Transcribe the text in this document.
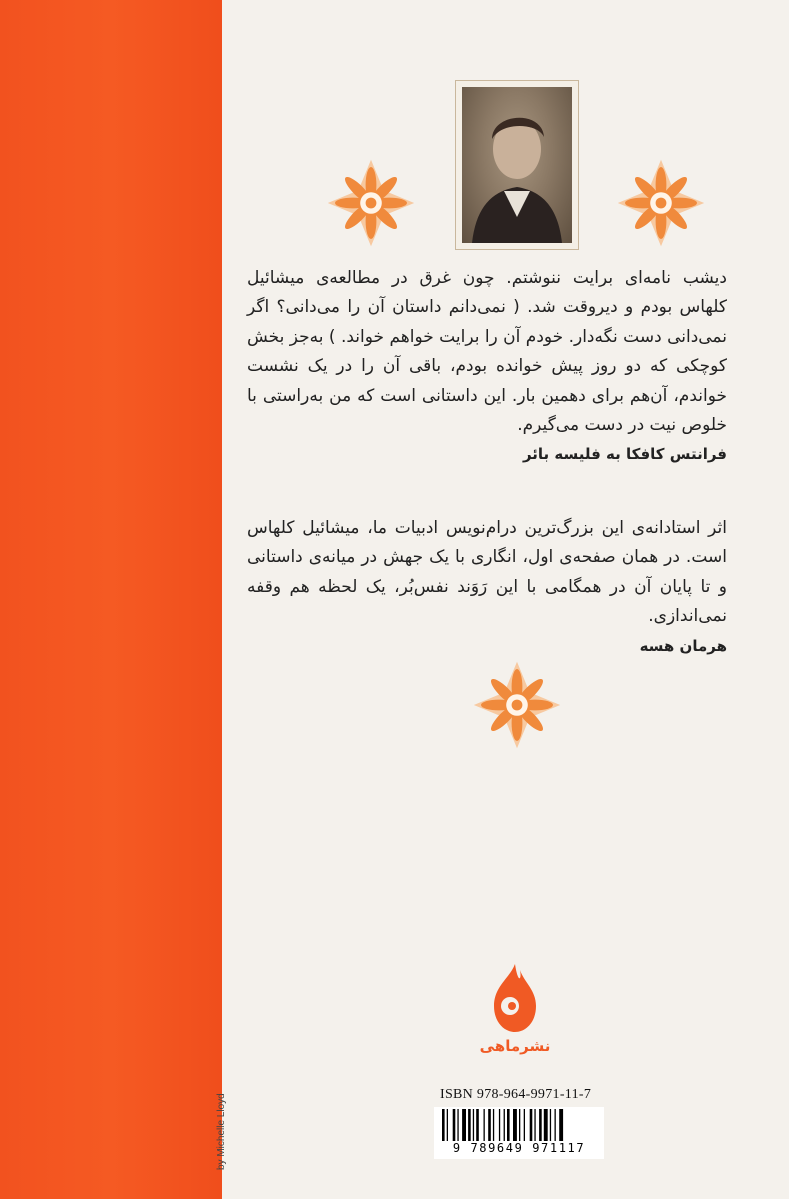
by Michelle Lloyd
دیشب نامه‌ای برایت ننوشتم. چون غرق در مطالعه‌ی میشائیل کلهاس بودم و دیروقت شد. ( نمی‌دانم داستان آن را می‌دانی؟ اگر نمی‌دانی دست نگه‌دار. خودم آن را برایت خواهم خواند. ) به‌جز بخش کوچکی که دو روز پیش خوانده بودم، باقی آن را در یک نشست خواندم، آن‌هم برای دهمین بار. این داستانی است که من به‌راستی با خلوص نیت در دست می‌گیرم.
فرانتس کافکا به فلیسه بائر
اثر استادانه‌ی این بزرگ‌ترین درام‌نویس ادبیات ما، میشائیل کلهاس است. در همان صفحه‌ی اول، انگاری با یک جهش در میانه‌ی داستانی و تا پایان آن در همگامی با این رَوَند نفس‌بُر، یک لحظه هم وقفه نمی‌اندازی.
هرمان هسه
نشرماهی
ISBN 978-964-9971-11-7
9 789649 971117
